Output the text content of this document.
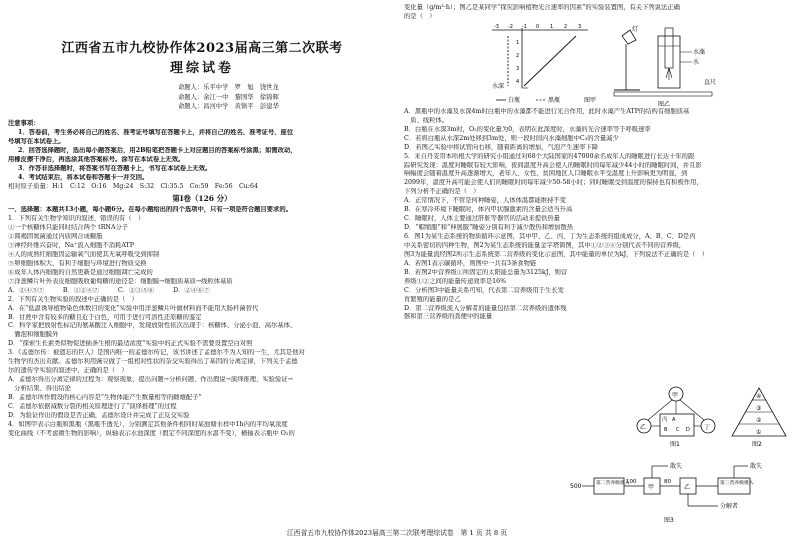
江西省五市九校协作体2023届高三第二次联考
理综试卷
命题人：乐平中学　罗　旭　饶世龙
命题人：余江一中　黎国华　徐锦辉
命题人：昌河中学　黄镇平　彭建华
注意事项：
1．答卷前，考生务必将自己的姓名、准考证号填写在答题卡上，并将自己的姓名、准考证号、座位
号填写在本试卷上。
2．回答选择题时，选出每小题答案后，用2B铅笔把答题卡上对应题目的答案标号涂黑；如需改动，
用橡皮擦干净后，再选涂其他答案标号。涂写在本试卷上无效。
3．作答非选择题时，将答案书写在答题卡上，书写在本试卷上无效。
4．考试结束后，将本试卷和答题卡一并交回。
相对原子质量：H:1　C:12　O:16　Mg:24　S:32　Cl:35.5　Co:59　Fe:56　Cu:64
第Ⅰ卷（126 分）
一、选择题：本题共13小题，每小题6分。在每小题给出的四个选项中，只有一项是符合题目要求的。
1．下列有关生物学知识的叙述，错误的有（　）
①一个核糖体只能同时结合两个 tRNA分子
②圆褐固氮菌通过内质网合成糖脂
③神经纤维兴奋时，Na⁺流入细胞不消耗ATP
④人的成熟红细胞因运输氧气而使其无氧呼吸受到抑制
⑤卵细胞体积大，有利于细胞与环境进行物质交换
⑥成年人体内细胞的自然更新是通过细胞凋亡完成的
⑦洋葱鳞片叶外表皮细胞吸收葡萄糖的途径是：细胞膜→细胞质基质→线粒体基质
A．②④⑤⑦　　　B．①②④⑦　　　C．②③⑤⑥　　　D．②④⑥⑦
2．下列有关生物实验的叙述中正确的是（　）
A．在“低温诱导植物染色体数目的变化”实验中用洋葱鳞片叶做材料而不能用大肠杆菌替代
B．甘蔗中含有较多的糖且近于白色，可用于进行可溶性还原糖的鉴定
C．科学家把放射性标记的氨基酸注入细胞中，发现放射性依次出现于：核糖体、分泌小泡、高尔基体、
　囊泡和细胞膜外
D．“探索生长素类似物促进插条生根的最适浓度”实验中的正式实验不需要设置空白对照
3．《孟德尔传：被遗忘的巨人》是国内唯一的孟德尔传记，该书讲述了孟德尔不为人知的一生，尤其是他对
生物学的杰出贡献。孟德尔利用豌豆做了一组相对性状的杂交实验得出了基因的分离定律，下列关于孟德
尔的遗传学实验的叙述中，正确的是（　）
A．孟德尔得出分离定律的过程为：观察现象、提出问题→分析问题、作出假说→演绎推理、实验验证→
　分析结果、得出结论
B．孟德尔所作假设的核心内容是“生物体能产生数量相等的雌雄配子”
C．孟德尔依据减数分裂的相关原理进行了“演绎推理”的过程
D．为验证作出的假设是否正确，孟德尔设计并完成了正反交实验
4．如图甲表示白瓶和黑瓶（黑瓶不透光），分别测定其他条件相同时某池塘水样中1h内的平均氧浓度
变化曲线（不考虑微生物的影响），纵轴表示水池深度（假定不同深度的水温不变），横轴表示瓶中 O₂的
变化量（g/m³·h）；图乙是某同学“探究影响植物光合速率的因素”的实验装置图，有关下列说法正确
的是（　）
水深
-3 -2 -1 0 1 2 3
1
2
3
4
白瓶	黑瓶	图甲
灯
水藻
水
直尺
图乙
A．黑瓶中的水藻及水深4m时白瓶中的水藻都不能进行光合作用，此时水藻产生ATP的结构有细胞质基
　质、线粒体。
B．白瓶在水深3m时，O₂的变化量为0，表明在此深度时，水藻的光合速率等于呼吸速率
C．若将白瓶从水深2m处移到3m处，则一段时间内水藻细胞中C₃的含量减少
D．若图乙实验中将试管向右移，随着距离的增加，气泡产生速率下降
5．来自丹麦哥本哈根大学的研究小组通过对68个大陆国家的47000余名成年人的睡眠进行长达十年的跟
踪研究发现：温度对睡眠有较大影响，夜间温度升高会使人的睡眠时间每年减少44小时的睡眠时间，并且影
响幅度会随着温度升高逐渐增大，老年人、女性、贫困地区人口睡眠水平受温度上升影响更为明显，到
2099年，温度升高可能会使人们的睡眠时间每年减少50-58小时；同时睡眠受到温度的保持也有积极作用，
下列分析不正确的是（　）
A．正常情况下，不管是何种睡姿，人体体温都能维持不变
B．在寒冷环境下睡眠时，体内甲状腺激素的含量会适当升高
C．睡眠时，人体主要通过肝脏等器官的活动来提供热量
D．“帽缩服”和“伸展服”睡姿分别有利于减少散热和增加散热
6．图1为某生态系统的物质循环示意图，其中甲、乙、丙、丁为生态系统的组成成分，A、B、C、D是丙
中关系密切的四种生物，图2为某生态系统的能量金字塔简图，其中①②③④分别代表不同的营养级，
图3为能量流经图2所示生态系统第二营养级的变化示意图，其中能量的单位为kJ，下列说法不正确的是（　）
A．若图1表示碳循环，则图中一共有3条食物链
B．若图2中营养级①所固定的太阳能总量为3125kJ，则营
养级①②之间的能量传递效率是16%
C．分析图3中能量关系可知，代表第二营养级用于生长发
育繁殖的能量的是乙
D．第二营养级流入分解者的能量包括第二营养级的遗体残
骸和第三营养级的粪便中的能量
甲
乙	丁
丙 A
B C D
图1
④
③
②
①
图2
500	第二营养级摄入
甲	乙
第三营养级摄入
100	80
散失	散失
分解者
图3
江西省五市九校协作体2023届高三第二次联考理综试卷　第 1 页 共 8 页
